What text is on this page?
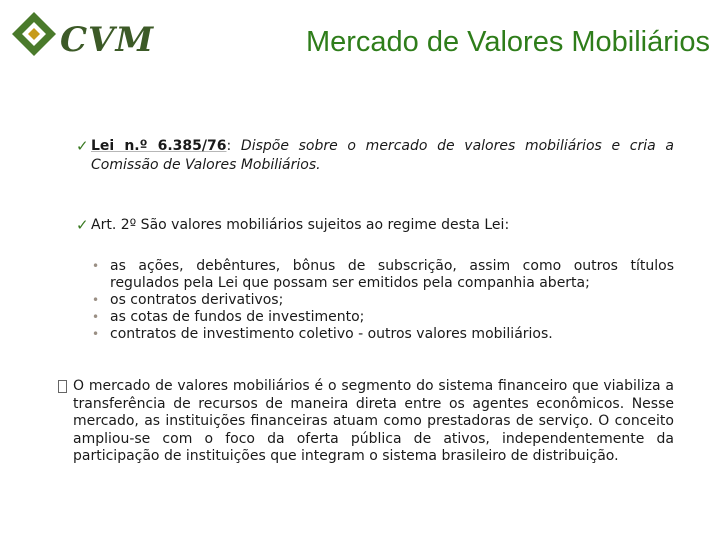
CVM	Mercado de Valores Mobiliários
✓ Lei n.º 6.385/76: Dispõe sobre o mercado de valores mobiliários e cria a Comissão de Valores Mobiliários.
✓ Art. 2º São valores mobiliários sujeitos ao regime desta Lei:
• as ações, debêntures, bônus de subscrição, assim como outros títulos regulados pela Lei que possam ser emitidos pela companhia aberta;
• os contratos derivativos;
• as cotas de fundos de investimento;
• contratos de investimento coletivo - outros valores mobiliários.
O mercado de valores mobiliários é o segmento do sistema financeiro que viabiliza a transferência de recursos de maneira direta entre os agentes econômicos. Nesse mercado, as instituições financeiras atuam como prestadoras de serviço. O conceito ampliou-se com o foco da oferta pública de ativos, independentemente da participação de instituições que integram o sistema brasileiro de distribuição.
